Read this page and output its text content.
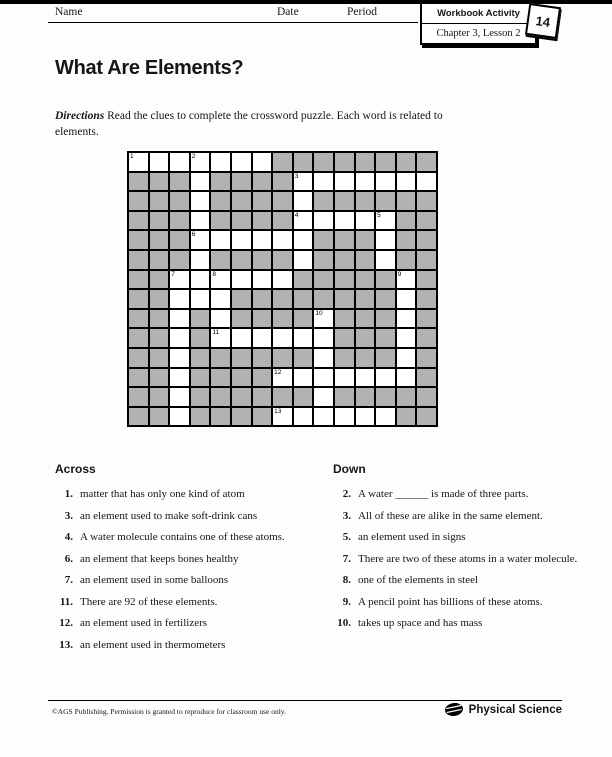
Name	Date	Period	Workbook Activity
Chapter 3, Lesson 2
14
What Are Elements?

Directions Read the clues to complete the crossword puzzle. Each word is related to elements.

1	2
3
4	5
6
7	8	9
10
11
12
13
Across
1. matter that has only one kind of atom
3. an element used to make soft-drink cans
4. A water molecule contains one of these atoms.
6. an element that keeps bones healthy
7. an element used in some balloons
11. There are 92 of these elements.
12. an element used in fertilizers
13. an element used in thermometers
Down
2. A water ______ is made of three parts.
3. All of these are alike in the same element.
5. an element used in signs
7. There are two of these atoms in a water molecule.
8. one of the elements in steel
9. A pencil point has billions of these atoms.
10. takes up space and has mass
©AGS Publishing. Permission is granted to reproduce for classroom use only.	Physical Science
